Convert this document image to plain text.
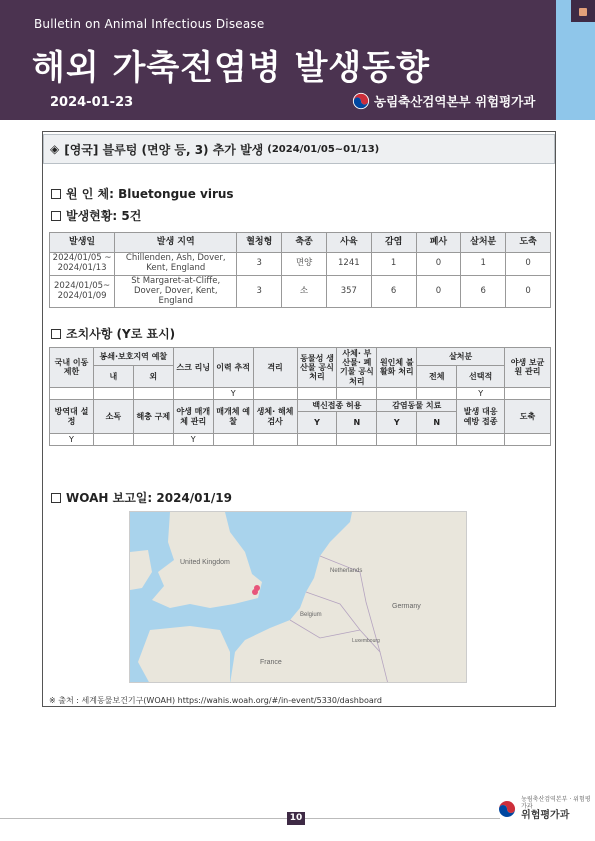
Bulletin on Animal Infectious Disease
해외 가축전염병 발생동향
2024-01-23	농림축산검역본부 위험평가과
◈ [영국] 블루텅 (면양 등, 3) 추가 발생 (2024/01/05~01/13)
원 인 체: Bluetongue virus
발생현황: 5건
발생일	발생 지역	혈청형	축종	사육	감염	폐사	살처분	도축
2024/01/05 ~ 2024/01/13	Chillenden, Ash, Dover, Kent, England	3	면양	1241	1	0	1	0
2024/01/05~ 2024/01/09	St Margaret-at-Cliffe, Dover, Dover, Kent, England	3	소	357	6	0	6	0
조치사항 (Y로 표시)
국내 이동 제한	봉쇄·보호지역 예찰		스크 리닝	이력 추적	격리	동물성 생산물 공식 처리	사체· 부산물· 폐기물 공식 처리	원인체 불활화 처리	살처분		야생 보균원 관리
	내	외							전체	선택적	
				Y						Y	
방역대 설정	소독	해충 구제	야생 매개체 관리	매개체 예찰	생체· 해체 검사	백신접종 허용		감염동물 치료		발생 대응 예방 접종	도축
						Y	N	Y	N		
Y			Y								
WOAH 보고일: 2024/01/19
United Kingdom
Netherlands
Belgium
Germany
France
Luxembourg
※ 출처 : 세계동물보건기구(WOAH) https://wahis.woah.org/#/in-event/5330/dashboard
10
농림축산검역본부 · 위험평가과
위험평가과
